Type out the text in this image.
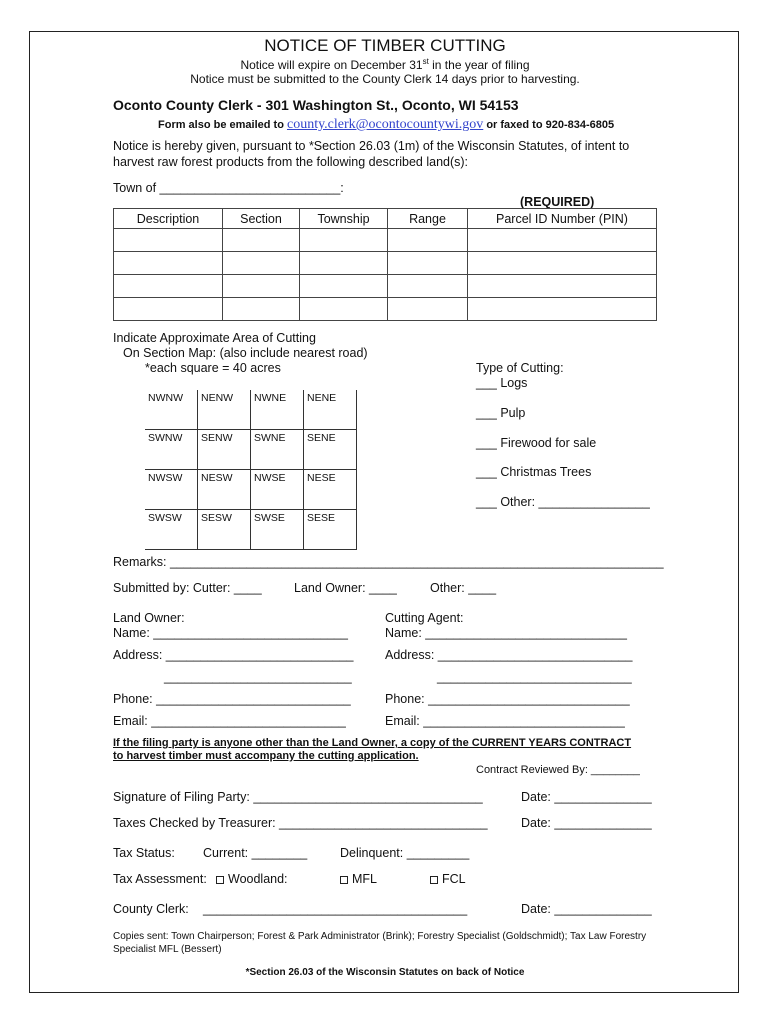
NOTICE OF TIMBER CUTTING
Notice will expire on December 31st in the year of filing
Notice must be submitted to the County Clerk 14 days prior to harvesting.
Oconto County Clerk - 301 Washington St., Oconto, WI 54153
Form also be emailed to county.clerk@ocontocountywi.gov or faxed to 920-834-6805
Notice is hereby given, pursuant to *Section 26.03 (1m) of the Wisconsin Statutes, of intent to
harvest raw forest products from the following described land(s):
Town of __________________________:
(REQUIRED)
Description	Section	Township	Range	Parcel ID Number (PIN)

Indicate Approximate Area of Cutting
On Section Map: (also include nearest road)
*each square = 40 acres
NWNW	NENW	NWNE	NENE
SWNW	SENW	SWNE	SENE
NWSW	NESW	NWSE	NESE
SWSW	SESW	SWSE	SESE
Type of Cutting:
___ Logs
___ Pulp
___ Firewood for sale
___ Christmas Trees
___ Other: ________________
Remarks: _______________________________________________________________________
Submitted by: Cutter: ____	Land Owner: ____	Other: ____
Land Owner:
Name: ____________________________
Address: ___________________________
___________________________
Phone: ____________________________
Email: ____________________________
Cutting Agent:
Name: _____________________________
Address: ____________________________
____________________________
Phone: _____________________________
Email: _____________________________
If the filing party is anyone other than the Land Owner, a copy of the CURRENT YEARS CONTRACT
to harvest timber must accompany the cutting application.
Contract Reviewed By: ________
Signature of Filing Party: _________________________________	Date: ______________
Taxes Checked by Treasurer: ______________________________	Date: ______________
Tax Status: Current: ________	Delinquent: _________
Tax Assessment:	Woodland:	MFL	FCL
County Clerk: ______________________________________	Date: ______________
Copies sent: Town Chairperson; Forest & Park Administrator (Brink); Forestry Specialist (Goldschmidt); Tax Law Forestry
Specialist MFL (Bessert)
*Section 26.03 of the Wisconsin Statutes on back of Notice
